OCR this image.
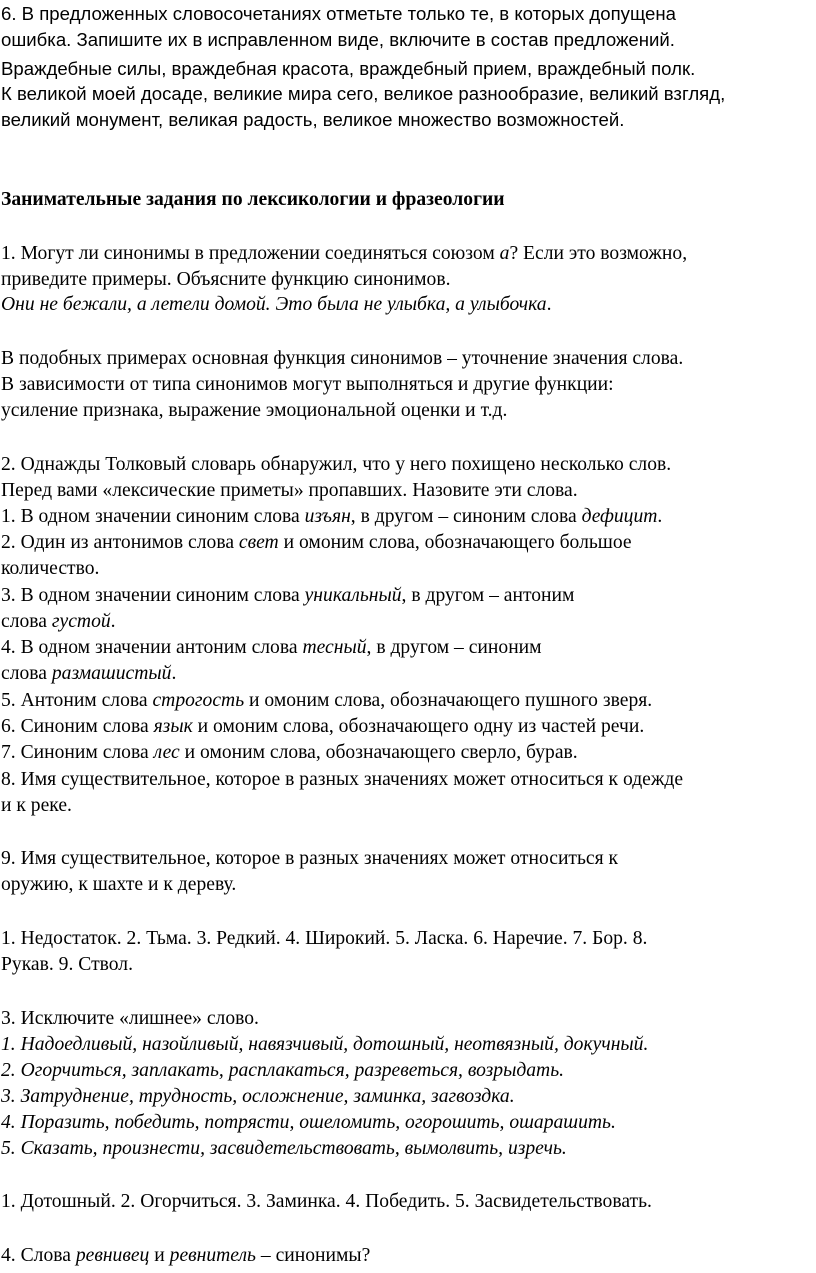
6. В предложенных словосочетаниях отметьте только те, в которых допущена
ошибка. Запишите их в исправленном виде, включите в состав предложений.
Враждебные силы, враждебная красота, враждебный прием, враждебный полк.
К великой моей досаде, великие мира сего, великое разнообразие, великий взгляд,
великий монумент, великая радость, великое множество возможностей.
Занимательные задания по лексикологии и фразеологии
1. Могут ли синонимы в предложении соединяться союзом а? Если это возможно,
приведите примеры. Объясните функцию синонимов.
Они не бежали, а летели домой. Это была не улыбка, а улыбочка.
В подобных примерах основная функция синонимов – уточнение значения слова.
В зависимости от типа синонимов могут выполняться и другие функции:
усиление признака, выражение эмоциональной оценки и т.д.
2. Однажды Толковый словарь обнаружил, что у него похищено несколько слов.
Перед вами «лексические приметы» пропавших. Назовите эти слова.
1. В одном значении синоним слова изъян, в другом – синоним слова дефицит.
2. Один из антонимов слова свет и омоним слова, обозначающего большое
количество.
3. В одном значении синоним слова уникальный, в другом – антоним
слова густой.
4. В одном значении антоним слова тесный, в другом – синоним
слова размашистый.
5. Антоним слова строгость и омоним слова, обозначающего пушного зверя.
6. Синоним слова язык и омоним слова, обозначающего одну из частей речи.
7. Синоним слова лес и омоним слова, обозначающего сверло, бурав.
8. Имя существительное, которое в разных значениях может относиться к одежде
и к реке.
9. Имя существительное, которое в разных значениях может относиться к
оружию, к шахте и к дереву.
1. Недостаток. 2. Тьма. 3. Редкий. 4. Широкий. 5. Ласка. 6. Наречие. 7. Бор. 8.
Рукав. 9. Ствол.
3. Исключите «лишнее» слово.
1. Надоедливый, назойливый, навязчивый, дотошный, неотвязный, докучный.
2. Огорчиться, заплакать, расплакаться, разреветься, возрыдать.
3. Затруднение, трудность, осложнение, заминка, загвоздка.
4. Поразить, победить, потрясти, ошеломить, огорошить, ошарашить.
5. Сказать, произнести, засвидетельствовать, вымолвить, изречь.
1. Дотошный. 2. Огорчиться. 3. Заминка. 4. Победить. 5. Засвидетельствовать.
4. Слова ревнивец и ревнитель – синонимы?
